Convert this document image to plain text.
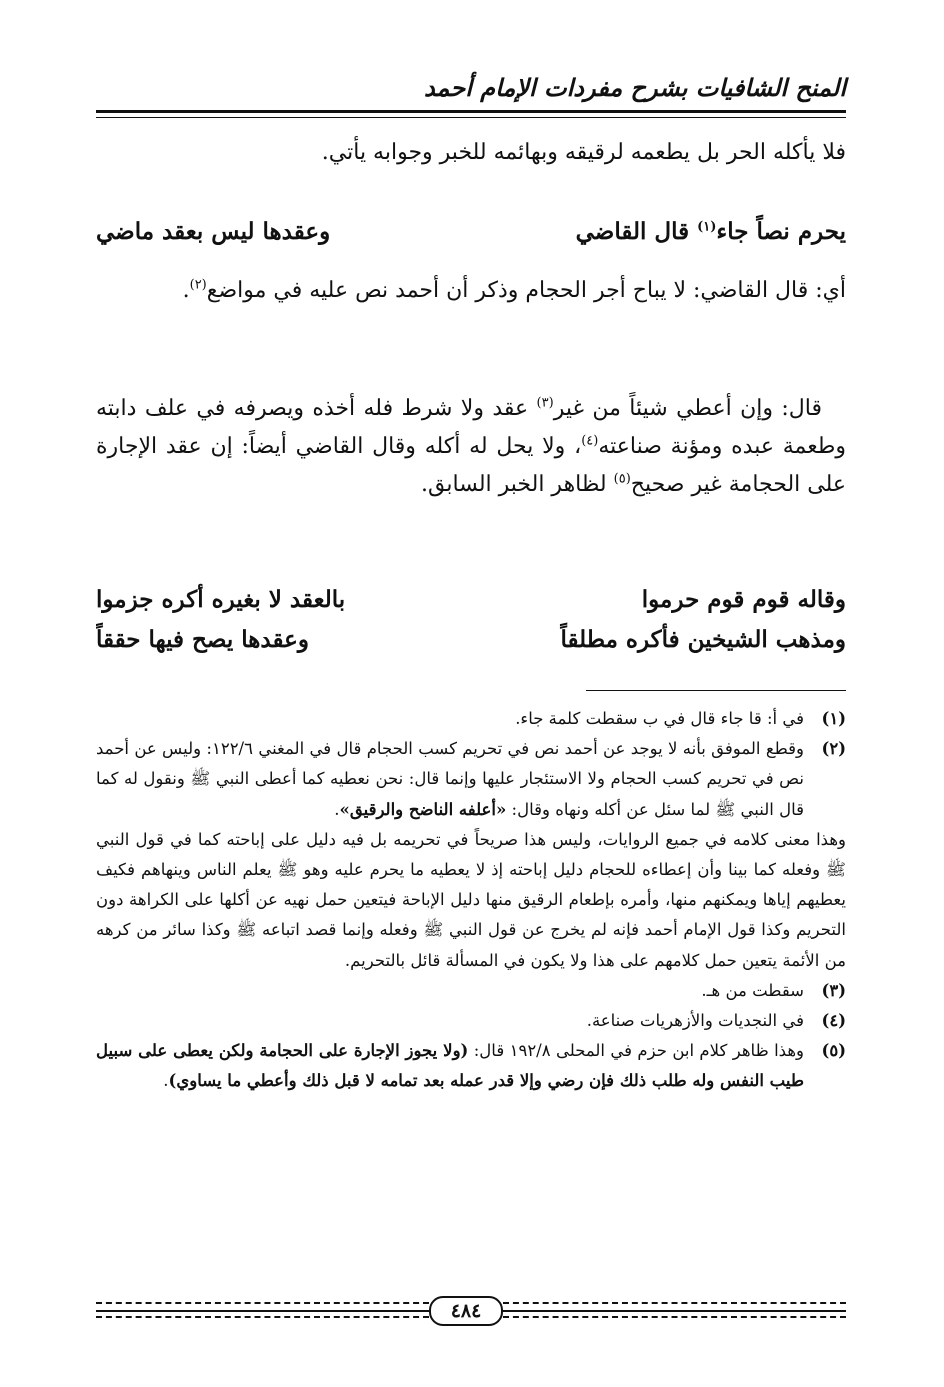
المنح الشافيات بشرح مفردات الإمام أحمد
فلا يأكله الحر بل يطعمه لرقيقه وبهائمه للخبر وجوابه يأتي.
يحرم نصاً جاء$^{(١)}$ قال القاضي
وعقدها ليس بعقد ماضي
أي: قال القاضي: لا يباح أجر الحجام وذكر أن أحمد نص عليه في مواضع$^{(٢)}$.
قال: وإن أعطي شيئاً من غير$^{(٣)}$ عقد ولا شرط فله أخذه ويصرفه في علف دابته وطعمة عبده ومؤنة صناعته$^{(٤)}$، ولا يحل له أكله وقال القاضي أيضاً: إن عقد الإجارة على الحجامة غير صحيح$^{(٥)}$ لظاهر الخبر السابق.
وقاله قوم قوم حرموا
بالعقد لا بغيره أكره جزموا
ومذهب الشيخين فأكره مطلقاً
وعقدها يصح فيها حققاً
(١)
في أ: قا جاء قال في ب سقطت كلمة جاء.
(٢)
وقطع الموفق بأنه لا يوجد عن أحمد نص في تحريم كسب الحجام قال في المغني ١٢٢/٦: وليس عن أحمد نص في تحريم كسب الحجام ولا الاستئجار عليها وإنما قال: نحن نعطيه كما أعطى النبي ﷺ ونقول له كما قال النبي ﷺ لما سئل عن أكله ونهاه وقال: «أعلفه الناضح والرقيق».
وهذا معنى كلامه في جميع الروايات، وليس هذا صريحاً في تحريمه بل فيه دليل على إباحته كما في قول النبي ﷺ وفعله كما بينا وأن إعطاءه للحجام دليل إباحته إذ لا يعطيه ما يحرم عليه وهو ﷺ يعلم الناس وينهاهم فكيف يعطيهم إياها ويمكنهم منها، وأمره بإطعام الرقيق منها دليل الإباحة فيتعين حمل نهيه عن أكلها على الكراهة دون التحريم وكذا قول الإمام أحمد فإنه لم يخرج عن قول النبي ﷺ وفعله وإنما قصد اتباعه ﷺ وكذا سائر من كرهه من الأئمة يتعين حمل كلامهم على هذا ولا يكون في المسألة قائل بالتحريم.
(٣)
سقطت من هـ.
(٤)
في النجديات والأزهريات صناعة.
(٥)
وهذا ظاهر كلام ابن حزم في المحلى ١٩٢/٨ قال: (ولا يجوز الإجارة على الحجامة ولكن يعطى على سبيل طيب النفس وله طلب ذلك فإن رضي وإلا قدر عمله بعد تمامه لا قبل ذلك وأعطي ما يساوي).
٤٨٤
